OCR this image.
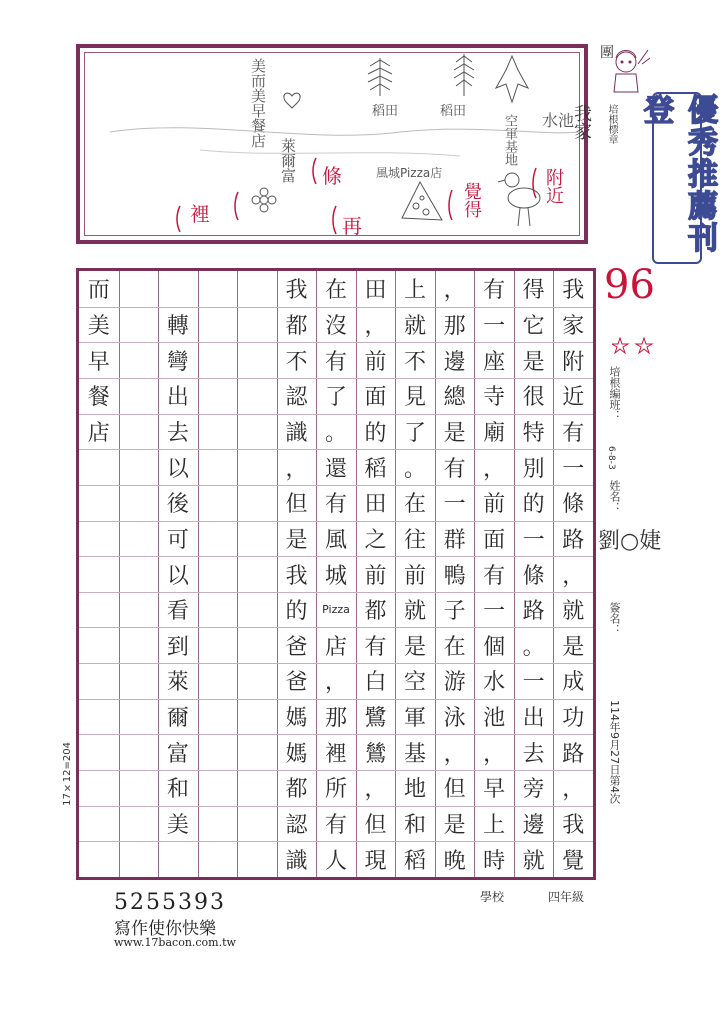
團
美而美早餐店
萊爾富
稻田	稻田
空軍基地 水池
風城Pizza店
裡
條
再
覺得
我家
附近
培根標章	優秀推薦刊登
96
培根編班：
6-8-3
姓名：
劉○婕
簽名：
114年9月27日第4次
我
家
附
近
有
一
條
路
，
就
是
成
功
路
，
我
覺
得
它
是
很
特
別
的
一
條
路
。
一
出
去
旁
邊
就
有
一
座
寺
廟
，
前
面
有
一
個
水
池
，
早
上
時
，
那
邊
總
是
有
一
群
鴨
子
在
游
泳
，
但
是
晚
上
就
不
見
了
。
在
往
前
就
是
空
軍
基
地
和
稻
田
，
前
面
的
稻
田
之
前
都
有
白
鷺
鷥
，
但
現
在
沒
有
了
。
還
有
風
城
Pizza
店
，
那
裡
所
有
人
我
都
不
認
識
，
但
是
我
的
爸
爸
媽
媽
都
認
識
轉
彎
出
去
以
後
可
以
看
到
萊
爾
富
和
美
而
美
早
餐
店
17×12=204
學校	四年級
5255393
寫作使你快樂
www.17bacon.com.tw
